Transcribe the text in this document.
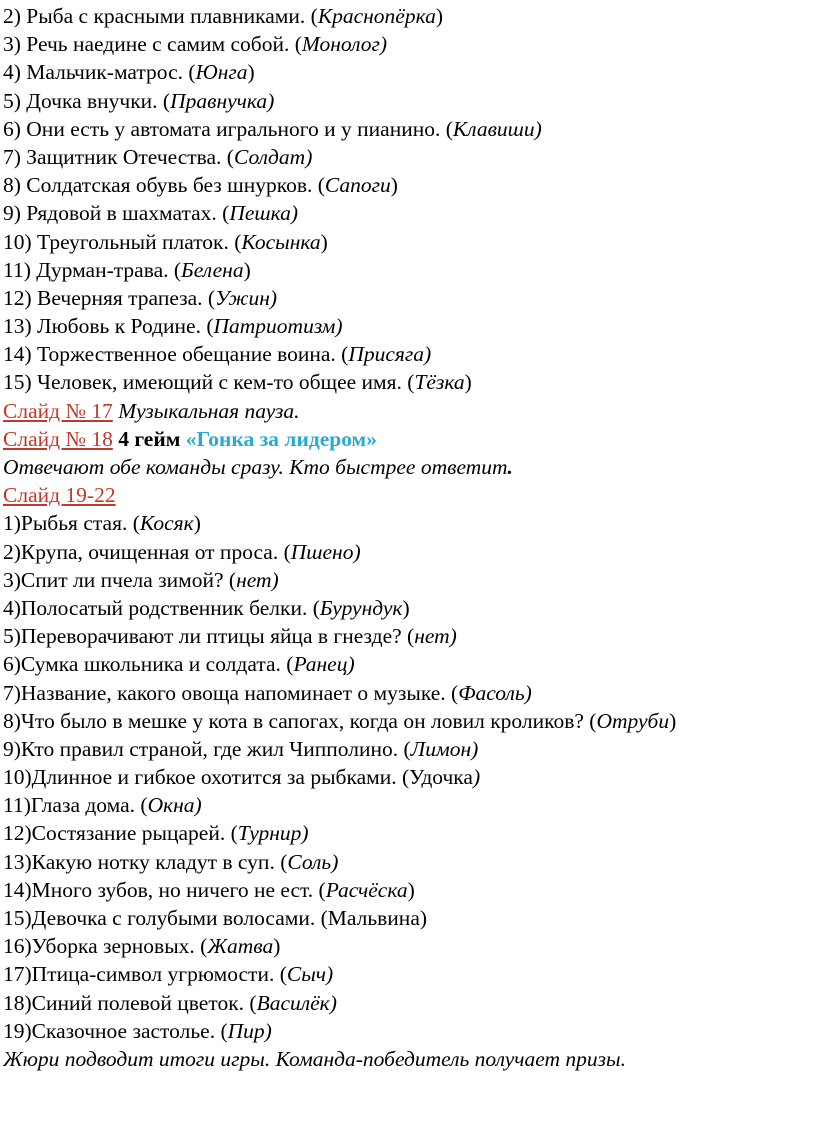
2) Рыба с красными плавниками. (Краснопёрка)
3) Речь наедине с самим собой. (Монолог)
4) Мальчик-матрос. (Юнга)
5) Дочка внучки. (Правнучка)
6) Они есть у автомата игрального и у пианино. (Клавиши)
7) Защитник Отечества. (Солдат)
8) Солдатская обувь без шнурков. (Сапоги)
9) Рядовой в шахматах. (Пешка)
10) Треугольный платок. (Косынка)
11) Дурман-трава. (Белена)
12) Вечерняя трапеза. (Ужин)
13) Любовь к Родине. (Патриотизм)
14) Торжественное обещание воина. (Присяга)
15) Человек, имеющий с кем-то общее имя. (Тёзка)
Слайд № 17 Музыкальная пауза.
Слайд № 18 4 гейм «Гонка за лидером»
Отвечают обе команды сразу. Кто быстрее ответит.
Слайд 19-22
1)Рыбья стая. (Косяк)
2)Крупа, очищенная от проса. (Пшено)
3)Спит ли пчела зимой? (нет)
4)Полосатый родственник белки. (Бурундук)
5)Переворачивают ли птицы яйца в гнезде? (нет)
6)Сумка школьника и солдата. (Ранец)
7)Название, какого овоща напоминает о музыке. (Фасоль)
8)Что было в мешке у кота в сапогах, когда он ловил кроликов? (Отруби)
9)Кто правил страной, где жил Чипполино. (Лимон)
10)Длинное и гибкое охотится за рыбками. (Удочка)
11)Глаза дома. (Окна)
12)Состязание рыцарей. (Турнир)
13)Какую нотку кладут в суп. (Соль)
14)Много зубов, но ничего не ест. (Расчёска)
15)Девочка с голубыми волосами. (Мальвина)
16)Уборка зерновых. (Жатва)
17)Птица-символ угрюмости. (Сыч)
18)Синий полевой цветок. (Василёк)
19)Сказочное застолье. (Пир)
Жюри подводит итоги игры. Команда-победитель получает призы.
